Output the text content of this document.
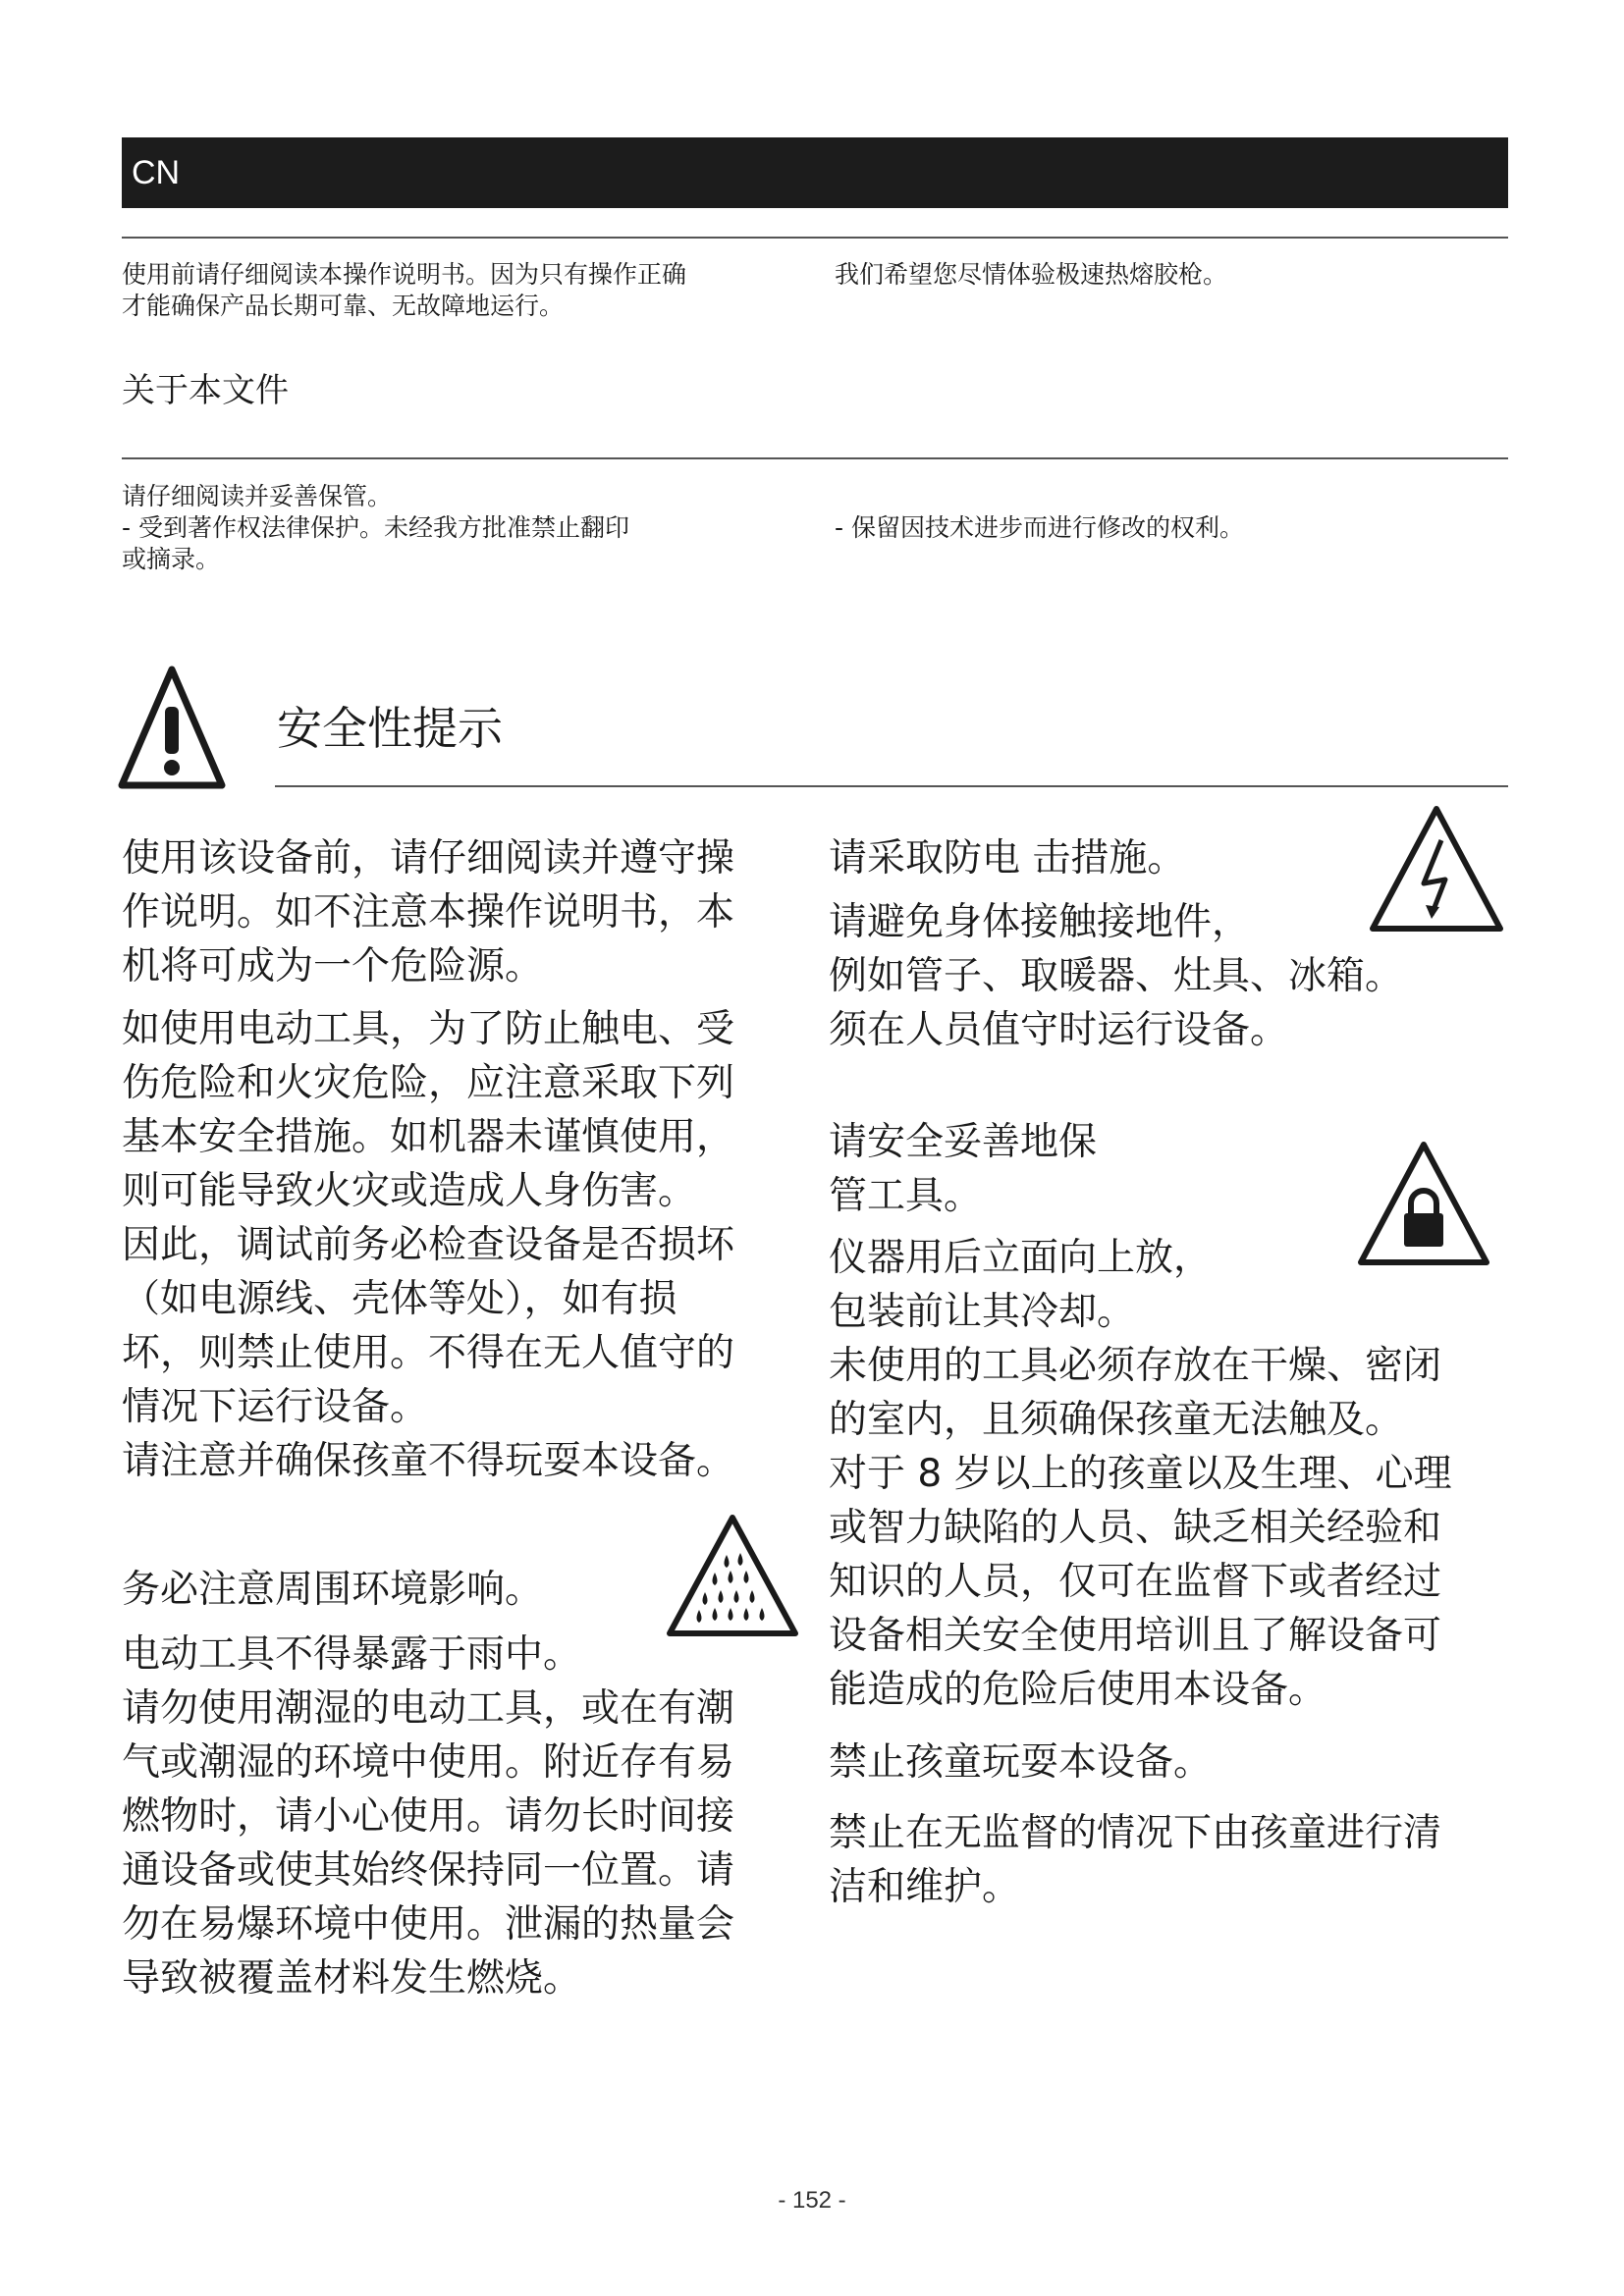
CN

使用前请仔细阅读本操作说明书。因为只有操作正确
才能确保产品长期可靠、无故障地运行。

我们希望您尽情体验极速热熔胶枪。

关于本文件

请仔细阅读并妥善保管。
- 受到著作权法律保护。未经我方批准禁止翻印
或摘录。

- 保留因技术进步而进行修改的权利。

安全性提示

使用该设备前，请仔细阅读并遵守操
作说明。如不注意本操作说明书，本
机将可成为一个危险源。

如使用电动工具，为了防止触电、受
伤危险和火灾危险，应注意采取下列
基本安全措施。如机器未谨慎使用，
则可能导致火灾或造成人身伤害。
因此，调试前务必检查设备是否损坏
（如电源线、壳体等处），如有损
坏，则禁止使用。不得在无人值守的
情况下运行设备。
请注意并确保孩童不得玩耍本设备。

务必注意周围环境影响。

电动工具不得暴露于雨中。
请勿使用潮湿的电动工具，或在有潮
气或潮湿的环境中使用。附近存有易
燃物时，请小心使用。请勿长时间接
通设备或使其始终保持同一位置。请
勿在易爆环境中使用。泄漏的热量会
导致被覆盖材料发生燃烧。

请采取防电 击措施。

请避免身体接触接地件，
例如管子、取暖器、灶具、冰箱。
须在人员值守时运行设备。

请安全妥善地保
管工具。

仪器用后立面向上放，
包装前让其冷却。
未使用的工具必须存放在干燥、密闭
的室内，且须确保孩童无法触及。
对于 8 岁以上的孩童以及生理、心理
或智力缺陷的人员、缺乏相关经验和
知识的人员，仅可在监督下或者经过
设备相关安全使用培训且了解设备可
能造成的危险后使用本设备。

禁止孩童玩耍本设备。

禁止在无监督的情况下由孩童进行清
洁和维护。

- 152 -
